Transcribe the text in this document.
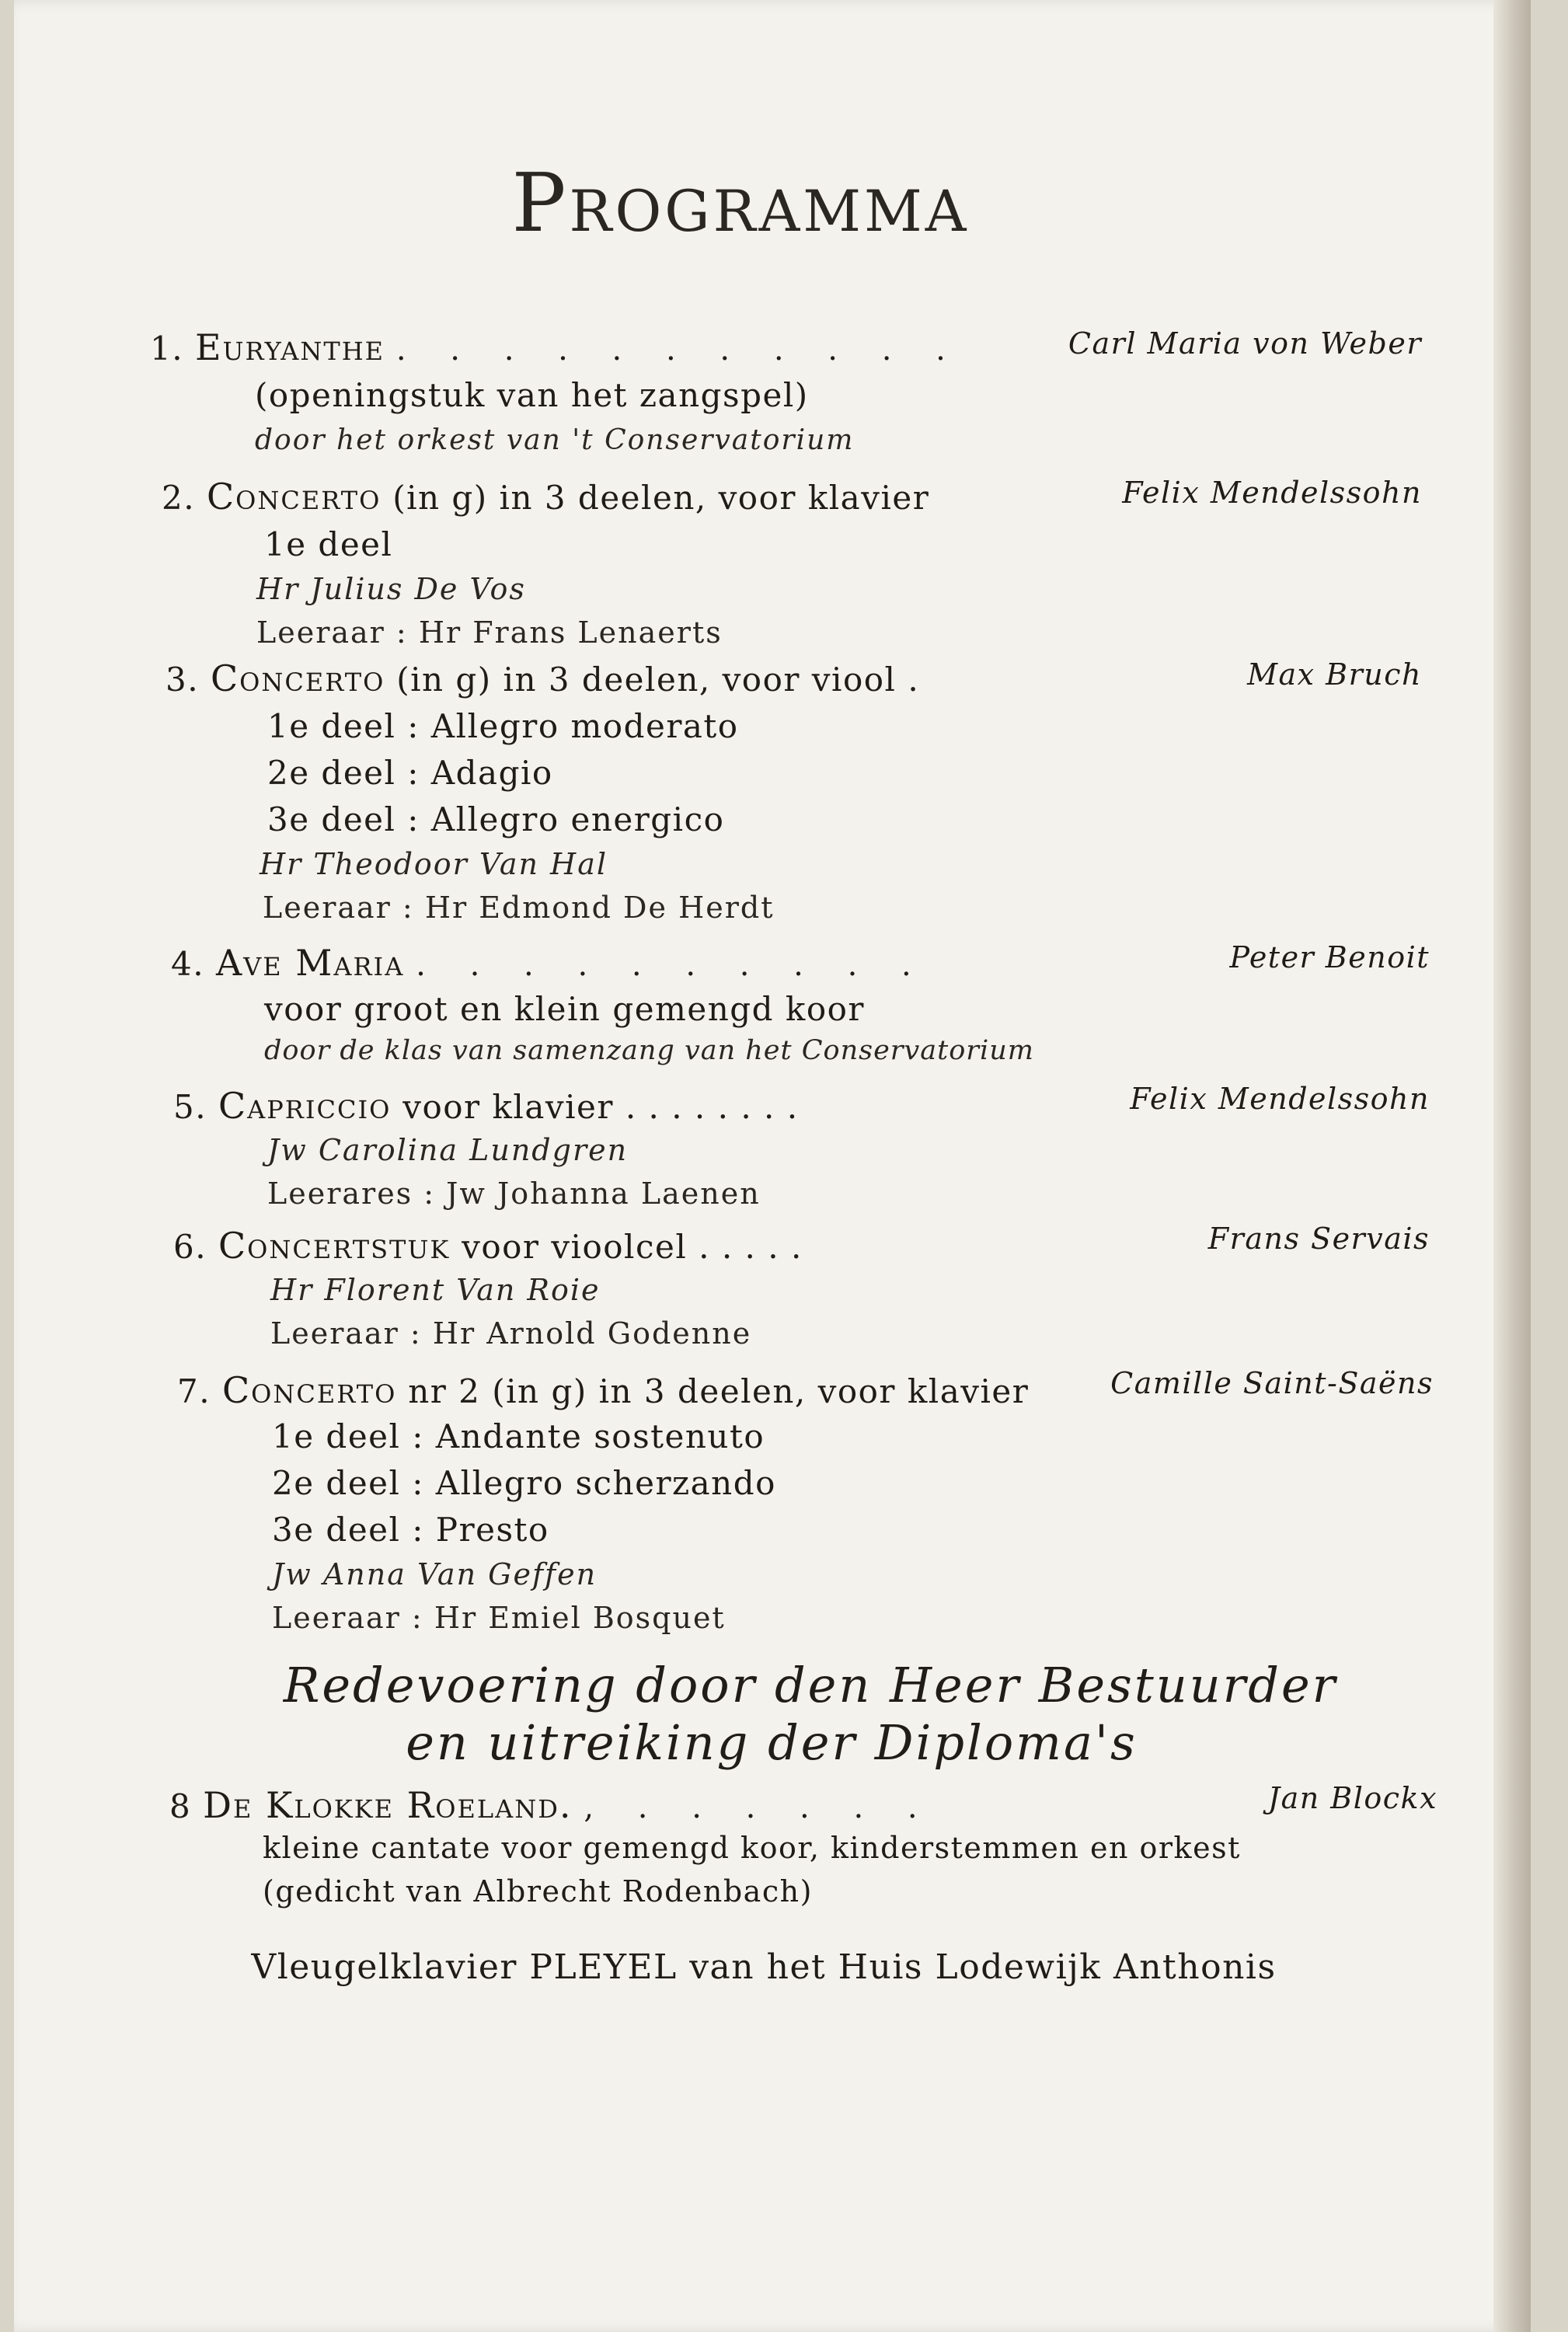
Programma
1. Euryanthe . . . . . . . . . . .	Carl Maria von Weber
(openingstuk van het zangspel)
door het orkest van 't Conservatorium
2. Concerto (in g) in 3 deelen, voor klavier	Felix Mendelssohn
1e deel
Hr Julius De Vos
Leeraar : Hr Frans Lenaerts
3. Concerto (in g) in 3 deelen, voor viool .	Max Bruch
1e deel : Allegro moderato
2e deel : Adagio
3e deel : Allegro energico
Hr Theodoor Van Hal
Leeraar : Hr Edmond De Herdt
4. Ave Maria . . . . . . . . . .	Peter Benoit
voor groot en klein gemengd koor
door de klas van samenzang van het Conservatorium
5. Capriccio voor klavier . . . . . . . .	Felix Mendelssohn
Jw Carolina Lundgren
Leerares : Jw Johanna Laenen
6. Concertstuk voor vioolcel . . . . .	Frans Servais
Hr Florent Van Roie
Leeraar : Hr Arnold Godenne
7. Concerto nr 2 (in g) in 3 deelen, voor klavier	Camille Saint-Saëns
1e deel : Andante sostenuto
2e deel : Allegro scherzando
3e deel : Presto
Jw Anna Van Geffen
Leeraar : Hr Emiel Bosquet
Redevoering door den Heer Bestuurder
en uitreiking der Diploma's
8 De Klokke Roeland. , . . . . . .	Jan Blockx
kleine cantate voor gemengd koor, kinderstemmen en orkest
(gedicht van Albrecht Rodenbach)
Vleugelklavier PLEYEL van het Huis Lodewijk Anthonis
